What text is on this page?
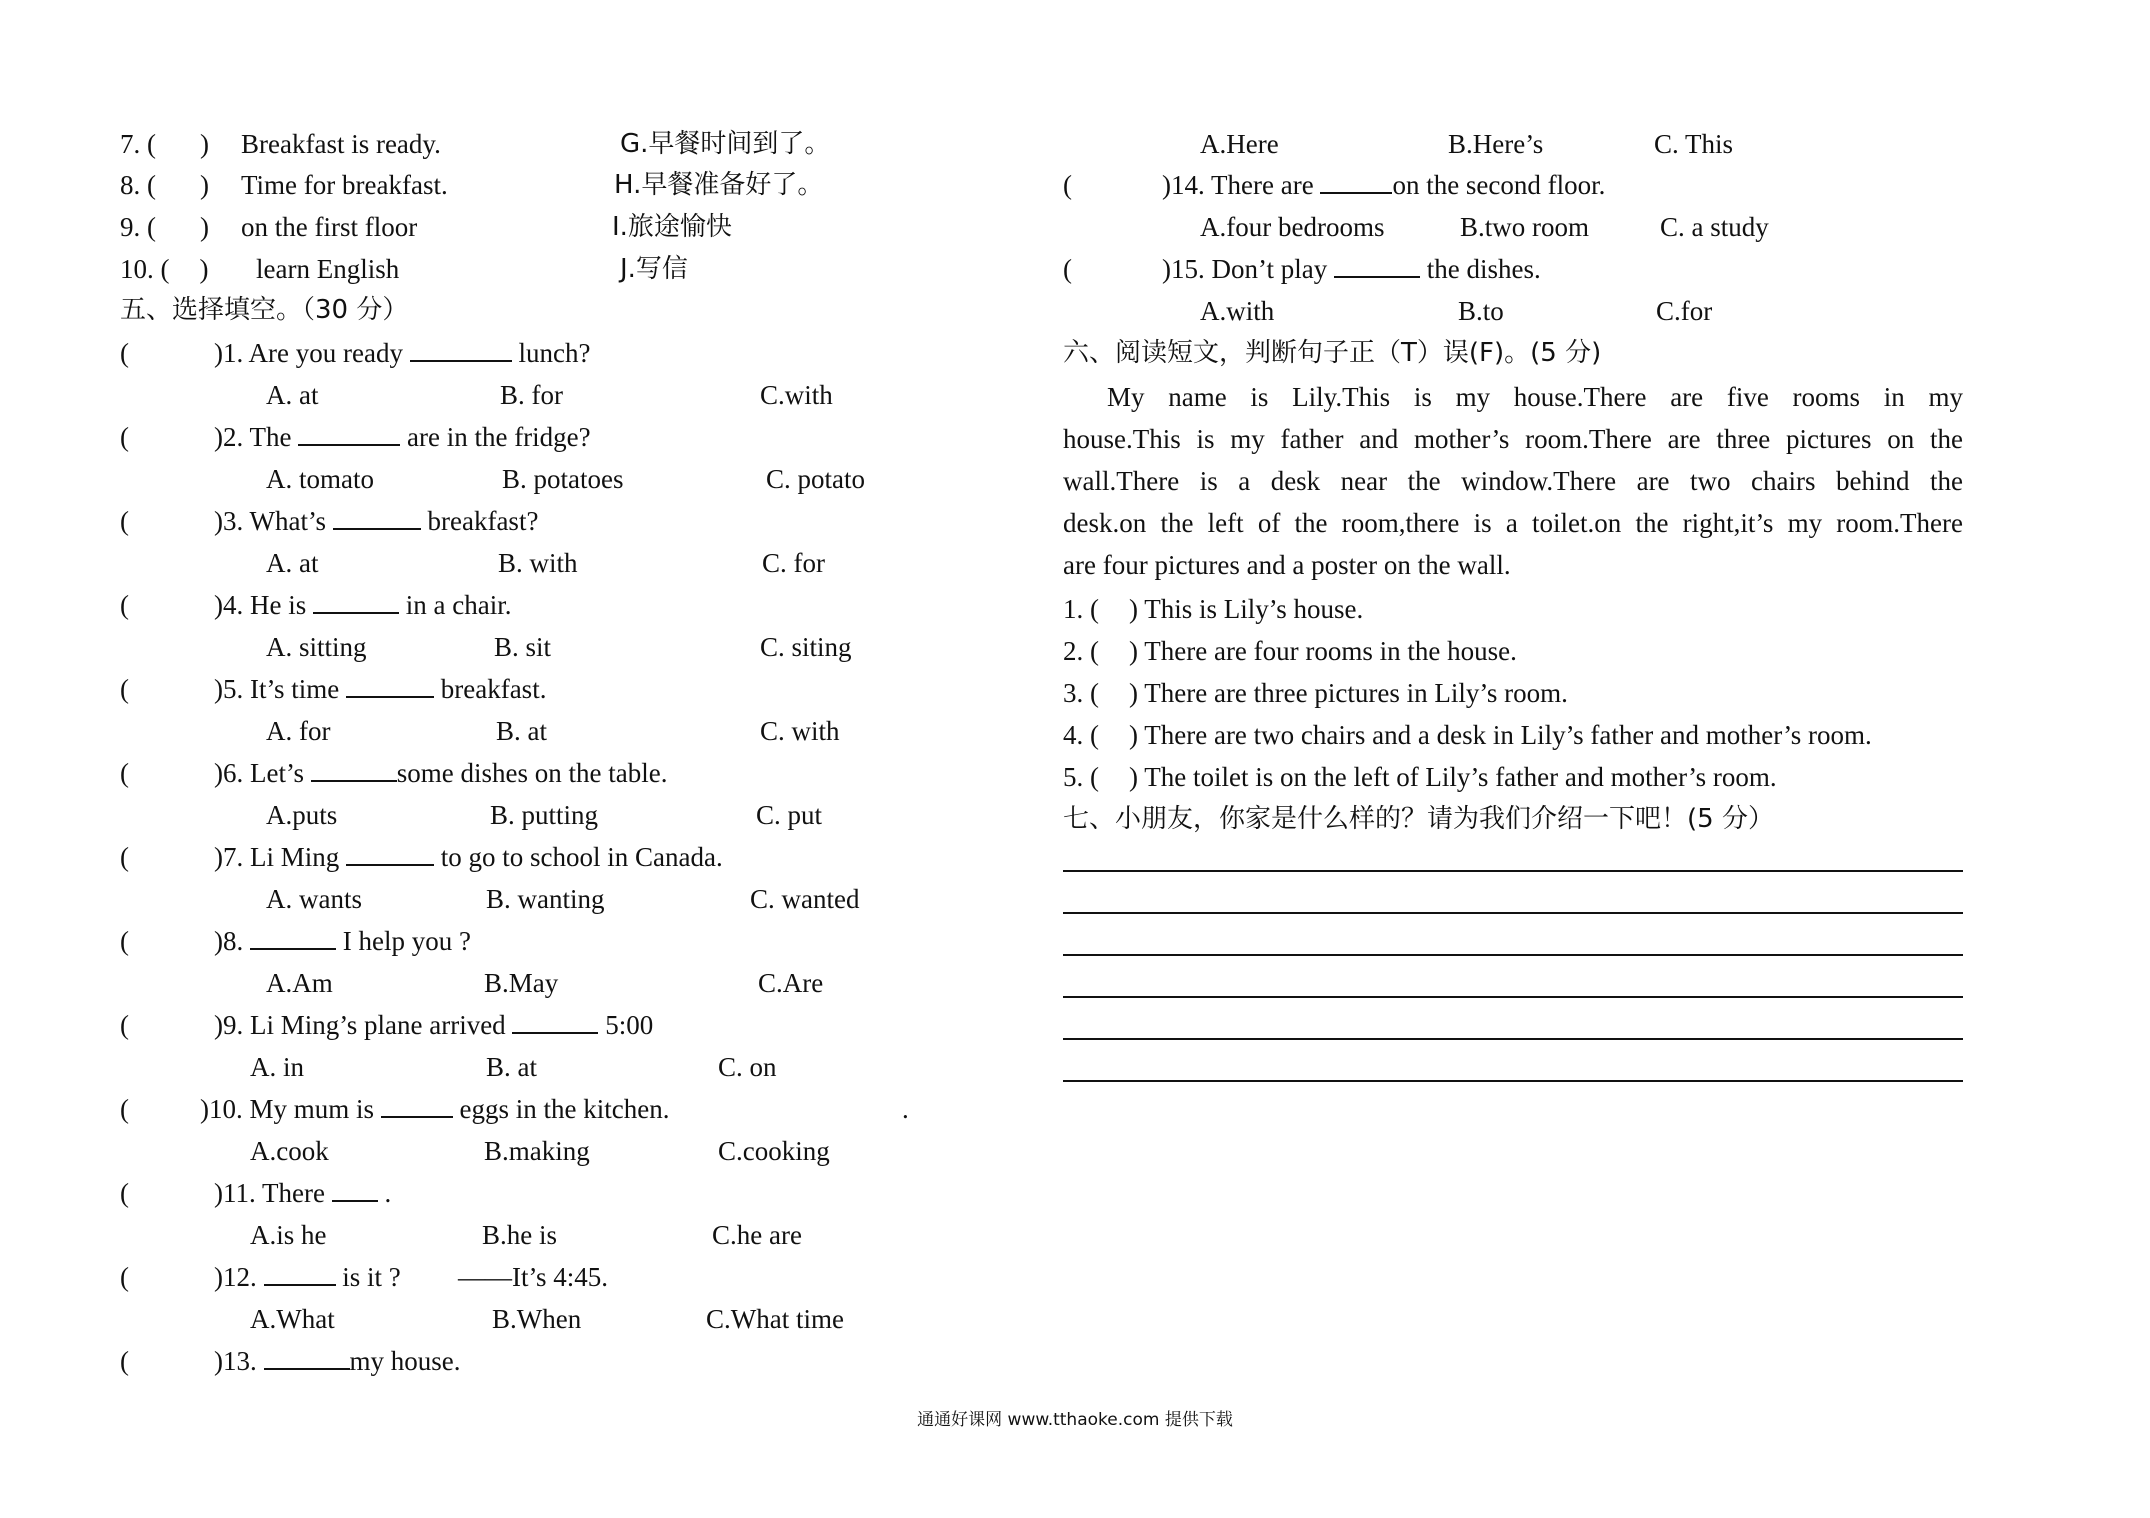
7. ( ) Breakfast is ready.	G.早餐时间到了。
8. ( ) Time for breakfast.	H.早餐准备好了。
9. ( ) on the first floor	I.旅途愉快
10. ( ) learn English	J.写信
五、选择填空。（30 分）
(	)1. Are you ready	lunch?
A. at	B. for	C.with
(	)2. The	are in the fridge?
A. tomato	B. potatoes	C. potato
(	)3. What’s	breakfast?
A. at	B. with	C. for
(	)4. He is	in a chair.
A. sitting	B. sit	C. siting
(	)5. It’s time	breakfast.
A. for	B. at	C. with
(	)6. Let’s	some dishes on the table.
A.puts	B. putting	C. put
(	)7. Li Ming	to go to school in Canada.
A. wants	B. wanting	C. wanted
(	)8.	I help you ?
A.Am	B.May	C.Are
(	)9. Li Ming’s plane arrived	5:00
A. in	B. at	C. on
(	)10. My mum is	eggs in the kitchen.	.
A.cook	B.making	C.cooking
(	)11. There .
A.is he	B.he is	C.he are
(	)12.	is it ? ——It’s 4:45.
A.What	B.When	C.What time
(	)13.	my house.
A.Here	B.Here’s	C. This
(	)14. There are	on the second floor.
A.four bedrooms	B.two room	C. a study
(	)15. Don’t play	the dishes.
A.with	B.to	C.for
六、阅读短文，判断句子正（T）误(F)。(5 分)
My name is Lily.This is my house.There are five rooms in my
house.This is my father and mother’s room.There are three pictures on the
wall.There is a desk near the window.There are two chairs behind the
desk.on the left of the room,there is a toilet.on the right,it’s my room.There
are four pictures and a poster on the wall.
1. ( ) This is Lily’s house.
2. ( ) There are four rooms in the house.
3. ( ) There are three pictures in Lily’s room.
4. ( ) There are two chairs and a desk in Lily’s father and mother’s room.
5. ( ) The toilet is on the left of Lily’s father and mother’s room.
七、小朋友，你家是什么样的？请为我们介绍一下吧！(5 分）
通通好课网 www.tthaoke.com 提供下载
